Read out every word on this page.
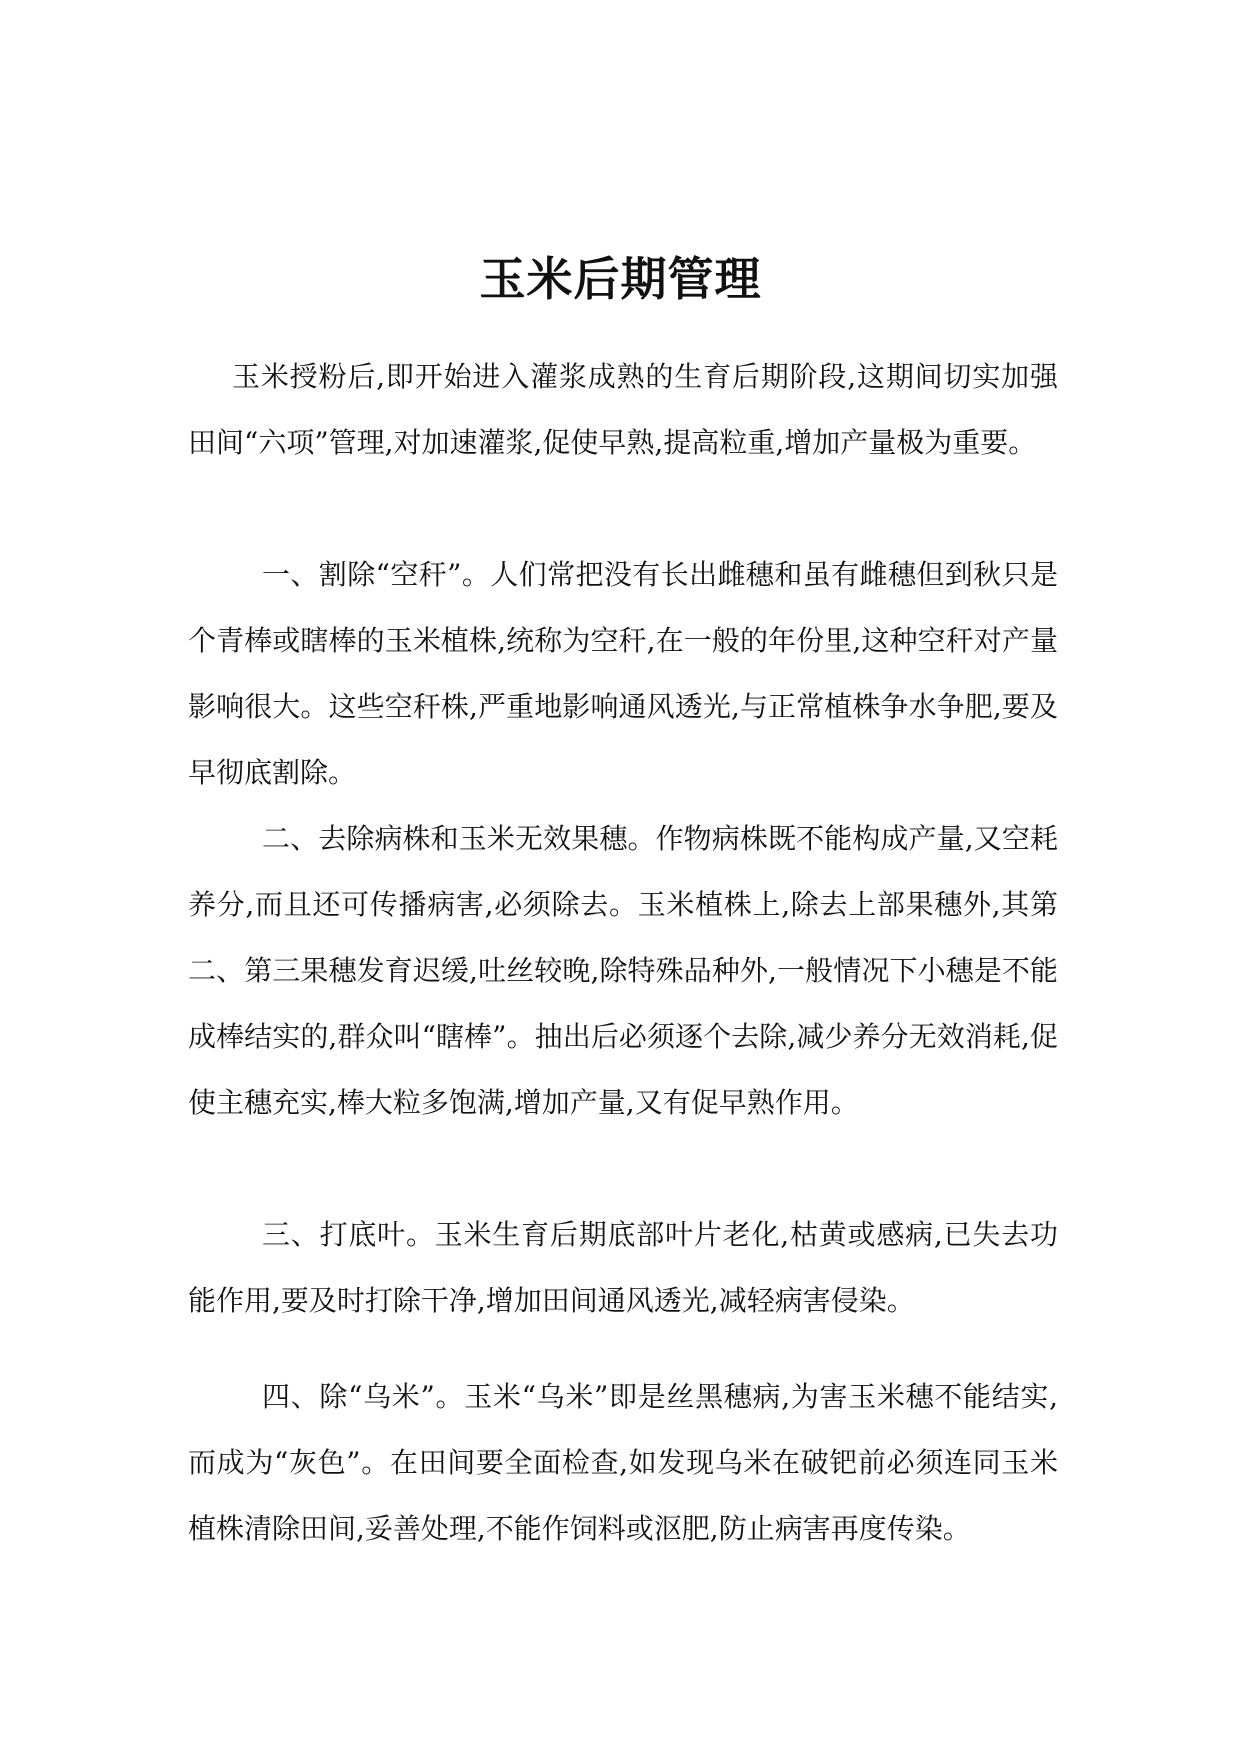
玉米后期管理

玉米授粉后,即开始进入灌浆成熟的生育后期阶段,这期间切实加强田间“六项”管理,对加速灌浆,促使早熟,提高粒重,增加产量极为重要。

一、割除“空秆”。人们常把没有长出雌穗和虽有雌穗但到秋只是个青棒或瞎棒的玉米植株,统称为空秆,在一般的年份里,这种空秆对产量影响很大。这些空秆株,严重地影响通风透光,与正常植株争水争肥,要及早彻底割除。

二、去除病株和玉米无效果穗。作物病株既不能构成产量,又空耗养分,而且还可传播病害,必须除去。玉米植株上,除去上部果穗外,其第二、第三果穗发育迟缓,吐丝较晚,除特殊品种外,一般情况下小穗是不能成棒结实的,群众叫“瞎棒”。抽出后必须逐个去除,减少养分无效消耗,促使主穗充实,棒大粒多饱满,增加产量,又有促早熟作用。

三、打底叶。玉米生育后期底部叶片老化,枯黄或感病,已失去功能作用,要及时打除干净,增加田间通风透光,减轻病害侵染。

四、除“乌米”。玉米“乌米”即是丝黑穗病,为害玉米穗不能结实,而成为“灰色”。在田间要全面检查,如发现乌米在破钯前必须连同玉米植株清除田间,妥善处理,不能作饲料或沤肥,防止病害再度传染。
